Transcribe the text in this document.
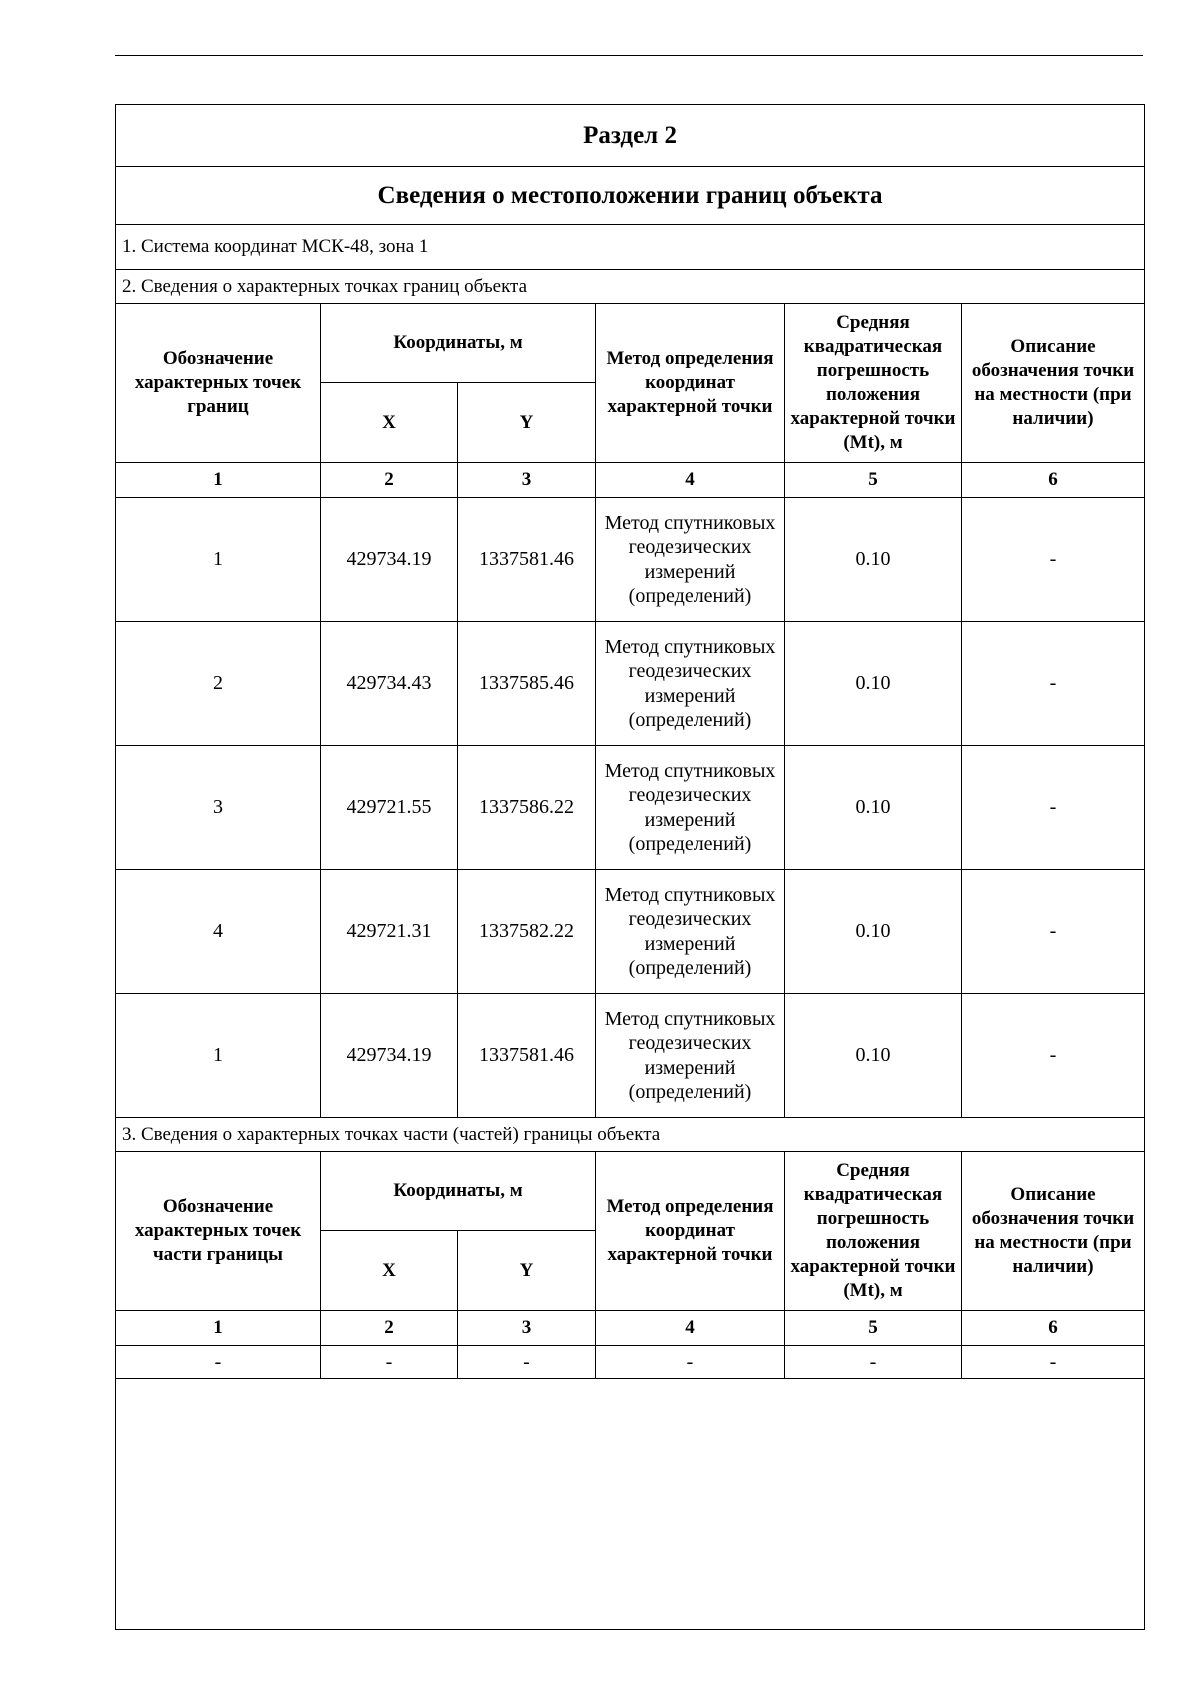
Раздел 2					
Сведения о местоположении границ объекта					
1. Система координат МСК-48, зона 1					
2. Сведения о характерных точках границ объекта					
Обозначение характерных точек границ	Координаты, м		Метод определения координат характерной точки	Средняя квадратическая погрешность положения характерной точки (Mt), м	Описание обозначения точки на местности (при наличии)
	X	Y			
1	2	3	4	5	6
1	429734.19	1337581.46	Метод спутниковых геодезических измерений (определений)	0.10	-
2	429734.43	1337585.46	Метод спутниковых геодезических измерений (определений)	0.10	-
3	429721.55	1337586.22	Метод спутниковых геодезических измерений (определений)	0.10	-
4	429721.31	1337582.22	Метод спутниковых геодезических измерений (определений)	0.10	-
1	429734.19	1337581.46	Метод спутниковых геодезических измерений (определений)	0.10	-
3. Сведения о характерных точках части (частей) границы объекта					
Обозначение характерных точек части границы	Координаты, м		Метод определения координат характерной точки	Средняя квадратическая погрешность положения характерной точки (Mt), м	Описание обозначения точки на местности (при наличии)
	X	Y			
1	2	3	4	5	6
-	-	-	-	-	-
